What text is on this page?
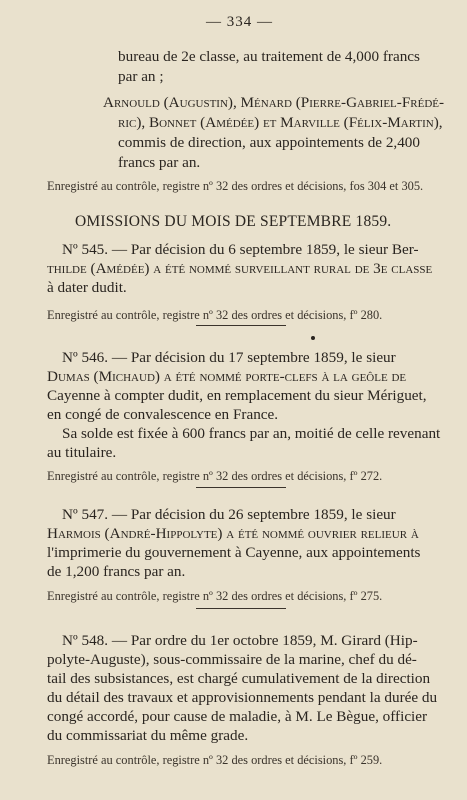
— 334 —
bureau de 2e classe, au traitement de 4,000 francs
par an ;
Arnould (Augustin), Ménard (Pierre-Gabriel-Frédé-
ric), Bonnet (Amédée) et Marville (Félix-Martin),
commis de direction, aux appointements de 2,400
francs par an.
Enregistré au contrôle, registre nº 32 des ordres et décisions, fos 304 et 305.
OMISSIONS DU MOIS DE SEPTEMBRE 1859.
Nº 545. — Par décision du 6 septembre 1859, le sieur Ber-
thilde (Amédée) a été nommé surveillant rural de 3e classe
à dater dudit.
Enregistré au contrôle, registre nº 32 des ordres et décisions, fº 280.
Nº 546. — Par décision du 17 septembre 1859, le sieur
Dumas (Michaud) a été nommé porte-clefs à la geôle de
Cayenne à compter dudit, en remplacement du sieur Mériguet,
en congé de convalescence en France.
Sa solde est fixée à 600 francs par an, moitié de celle revenant
au titulaire.
Enregistré au contrôle, registre nº 32 des ordres et décisions, fº 272.
Nº 547. — Par décision du 26 septembre 1859, le sieur
Harmois (André-Hippolyte) a été nommé ouvrier relieur à
l'imprimerie du gouvernement à Cayenne, aux appointements
de 1,200 francs par an.
Enregistré au contrôle, registre nº 32 des ordres et décisions, fº 275.
Nº 548. — Par ordre du 1er octobre 1859, M. Girard (Hip-
polyte-Auguste), sous-commissaire de la marine, chef du dé-
tail des subsistances, est chargé cumulativement de la direction
du détail des travaux et approvisionnements pendant la durée du
congé accordé, pour cause de maladie, à M. Le Bègue, officier
du commissariat du même grade.
Enregistré au contrôle, registre nº 32 des ordres et décisions, fº 259.
